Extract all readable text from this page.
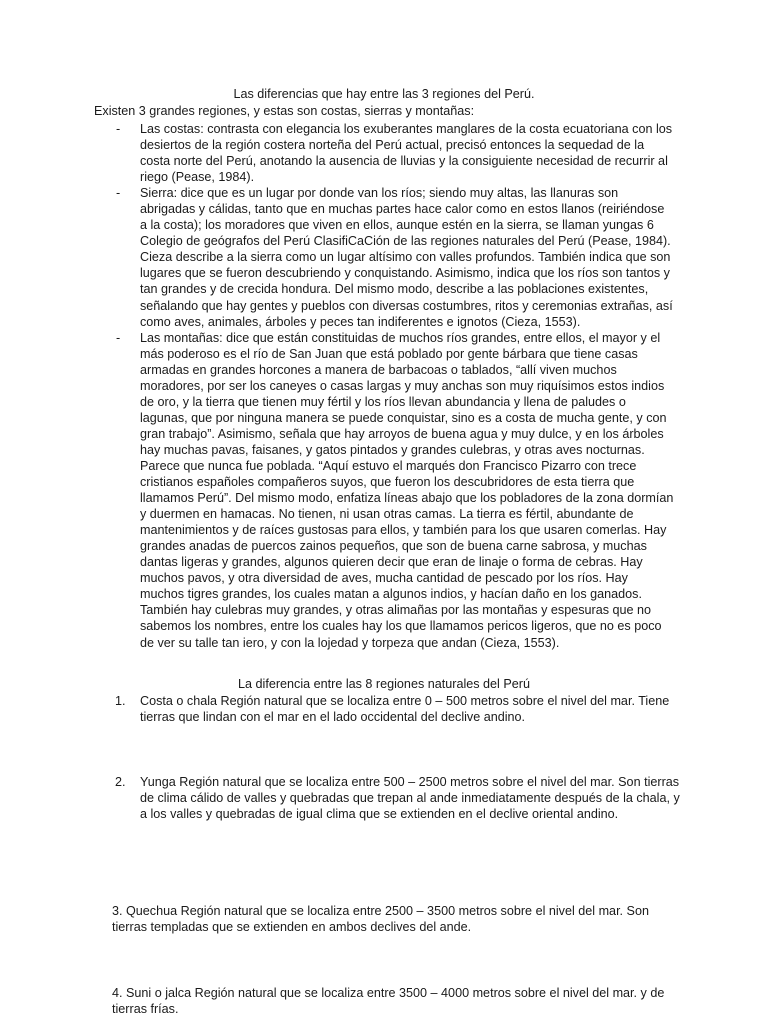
Las diferencias que hay entre las 3 regiones del Perú.

Existen 3 grandes regiones, y estas son costas, sierras y montañas:

- Las costas: contrasta con elegancia los exuberantes manglares de la costa ecuatoriana con los desiertos de la región costera norteña del Perú actual, precisó entonces la sequedad de la costa norte del Perú, anotando la ausencia de lluvias y la consiguiente necesidad de recurrir al riego (Pease, 1984).
- Sierra: dice que es un lugar por donde van los ríos; siendo muy altas, las llanuras son abrigadas y cálidas, tanto que en muchas partes hace calor como en estos llanos (reiriéndose a la costa); los moradores que viven en ellos, aunque estén en la sierra, se llaman yungas 6 Colegio de geógrafos del Perú ClasifiCaCión de las regiones naturales del Perú (Pease, 1984). Cieza describe a la sierra como un lugar altísimo con valles profundos. También indica que son lugares que se fueron descubriendo y conquistando. Asimismo, indica que los ríos son tantos y tan grandes y de crecida hondura. Del mismo modo, describe a las poblaciones existentes, señalando que hay gentes y pueblos con diversas costumbres, ritos y ceremonias extrañas, así como aves, animales, árboles y peces tan indiferentes e ignotos (Cieza, 1553).
- Las montañas: dice que están constituidas de muchos ríos grandes, entre ellos, el mayor y el más poderoso es el río de San Juan que está poblado por gente bárbara que tiene casas armadas en grandes horcones a manera de barbacoas o tablados, “allí viven muchos moradores, por ser los caneyes o casas largas y muy anchas son muy riquísimos estos indios de oro, y la tierra que tienen muy fértil y los ríos llevan abundancia y llena de paludes o lagunas, que por ninguna manera se puede conquistar, sino es a costa de mucha gente, y con gran trabajo”. Asimismo, señala que hay arroyos de buena agua y muy dulce, y en los árboles hay muchas pavas, faisanes, y gatos pintados y grandes culebras, y otras aves nocturnas. Parece que nunca fue poblada. “Aquí estuvo el marqués don Francisco Pizarro con trece cristianos españoles compañeros suyos, que fueron los descubridores de esta tierra que llamamos Perú”. Del mismo modo, enfatiza líneas abajo que los pobladores de la zona dormían y duermen en hamacas. No tienen, ni usan otras camas. La tierra es fértil, abundante de mantenimientos y de raíces gustosas para ellos, y también para los que usaren comerlas. Hay grandes anadas de puercos zainos pequeños, que son de buena carne sabrosa, y muchas dantas ligeras y grandes, algunos quieren decir que eran de linaje o forma de cebras. Hay muchos pavos, y otra diversidad de aves, mucha cantidad de pescado por los ríos. Hay muchos tigres grandes, los cuales matan a algunos indios, y hacían daño en los ganados. También hay culebras muy grandes, y otras alimañas por las montañas y espesuras que no sabemos los nombres, entre los cuales hay los que llamamos pericos ligeros, que no es poco de ver su talle tan iero, y con la lojedad y torpeza que andan (Cieza, 1553).

La diferencia entre las 8 regiones naturales del Perú

1.	Costa o chala Región natural que se localiza entre 0 – 500 metros sobre el nivel del mar. Tiene tierras que lindan con el mar en el lado occidental del declive andino.
2.	Yunga Región natural que se localiza entre 500 – 2500 metros sobre el nivel del mar. Son tierras de clima cálido de valles y quebradas que trepan al ande inmediatamente después de la chala, y a los valles y quebradas de igual clima que se extienden en el declive oriental andino.
3. Quechua Región natural que se localiza entre 2500 – 3500 metros sobre el nivel del mar. Son tierras templadas que se extienden en ambos declives del ande.
4. Suni o jalca Región natural que se localiza entre 3500 – 4000 metros sobre el nivel del mar. y de tierras frías.
